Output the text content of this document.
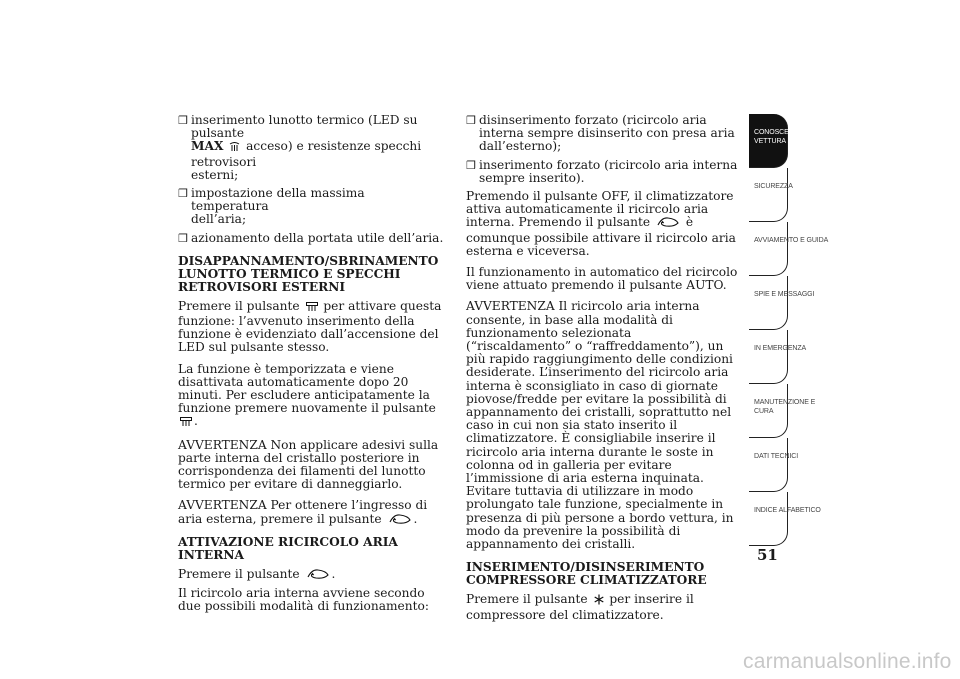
❒ inserimento lunotto termico (LED su pulsante
MAX acceso) e resistenze specchi retrovisori
esterni;
❒ impostazione della massima temperatura
dell’aria;
❒ azionamento della portata utile dell’aria.
DISAPPANNAMENTO/SBRINAMENTO LUNOTTO TERMICO E SPECCHI RETROVISORI ESTERNI

Premere il pulsante per attivare questa funzione: l’avvenuto inserimento della funzione è evidenziato dall’accensione del LED sul pulsante stesso.

La funzione è temporizzata e viene disattivata automaticamente dopo 20 minuti. Per escludere anticipatamente la funzione premere nuovamente il pulsante .

AVVERTENZA Non applicare adesivi sulla parte interna del cristallo posteriore in corrispondenza dei filamenti del lunotto termico per evitare di danneggiarlo.

AVVERTENZA Per ottenere l’ingresso di aria esterna, premere il pulsante	.

ATTIVAZIONE RICIRCOLO ARIA INTERNA

Premere il pulsante	.

Il ricircolo aria interna avviene secondo due possibili modalità di funzionamento:

❒ disinserimento forzato (ricircolo aria interna sempre disinserito con presa aria dall’esterno);
❒ inserimento forzato (ricircolo aria interna sempre inserito).

Premendo il pulsante OFF, il climatizzatore attiva automaticamente il ricircolo aria interna. Premendo il pulsante	è comunque possibile attivare il ricircolo aria esterna e viceversa.

Il funzionamento in automatico del ricircolo viene attuato premendo il pulsante AUTO.

AVVERTENZA Il ricircolo aria interna consente, in base alla modalità di funzionamento selezionata (“riscaldamento” o “raffreddamento”), un più rapido raggiungimento delle condizioni desiderate. L’inserimento del ricircolo aria interna è sconsigliato in caso di giornate piovose/fredde per evitare la possibilità di appannamento dei cristalli, soprattutto nel caso in cui non sia stato inserito il climatizzatore. È consigliabile inserire il ricircolo aria interna durante le soste in colonna od in galleria per evitare l’immissione di aria esterna inquinata. Evitare tuttavia di utilizzare in modo prolungato tale funzione, specialmente in presenza di più persone a bordo vettura, in modo da prevenire la possibilità di appannamento dei cristalli.

INSERIMENTO/DISINSERIMENTO COMPRESSORE CLIMATIZZATORE

Premere il pulsante per inserire il compressore del climatizzatore.

CONOSCENZA DELLA VETTURA
SICUREZZA
AVVIAMENTO E GUIDA
SPIE E MESSAGGI
IN EMERGENZA
MANUTENZIONE E CURA
DATI TECNICI
INDICE ALFABETICO
51
carmanualsonline.info
